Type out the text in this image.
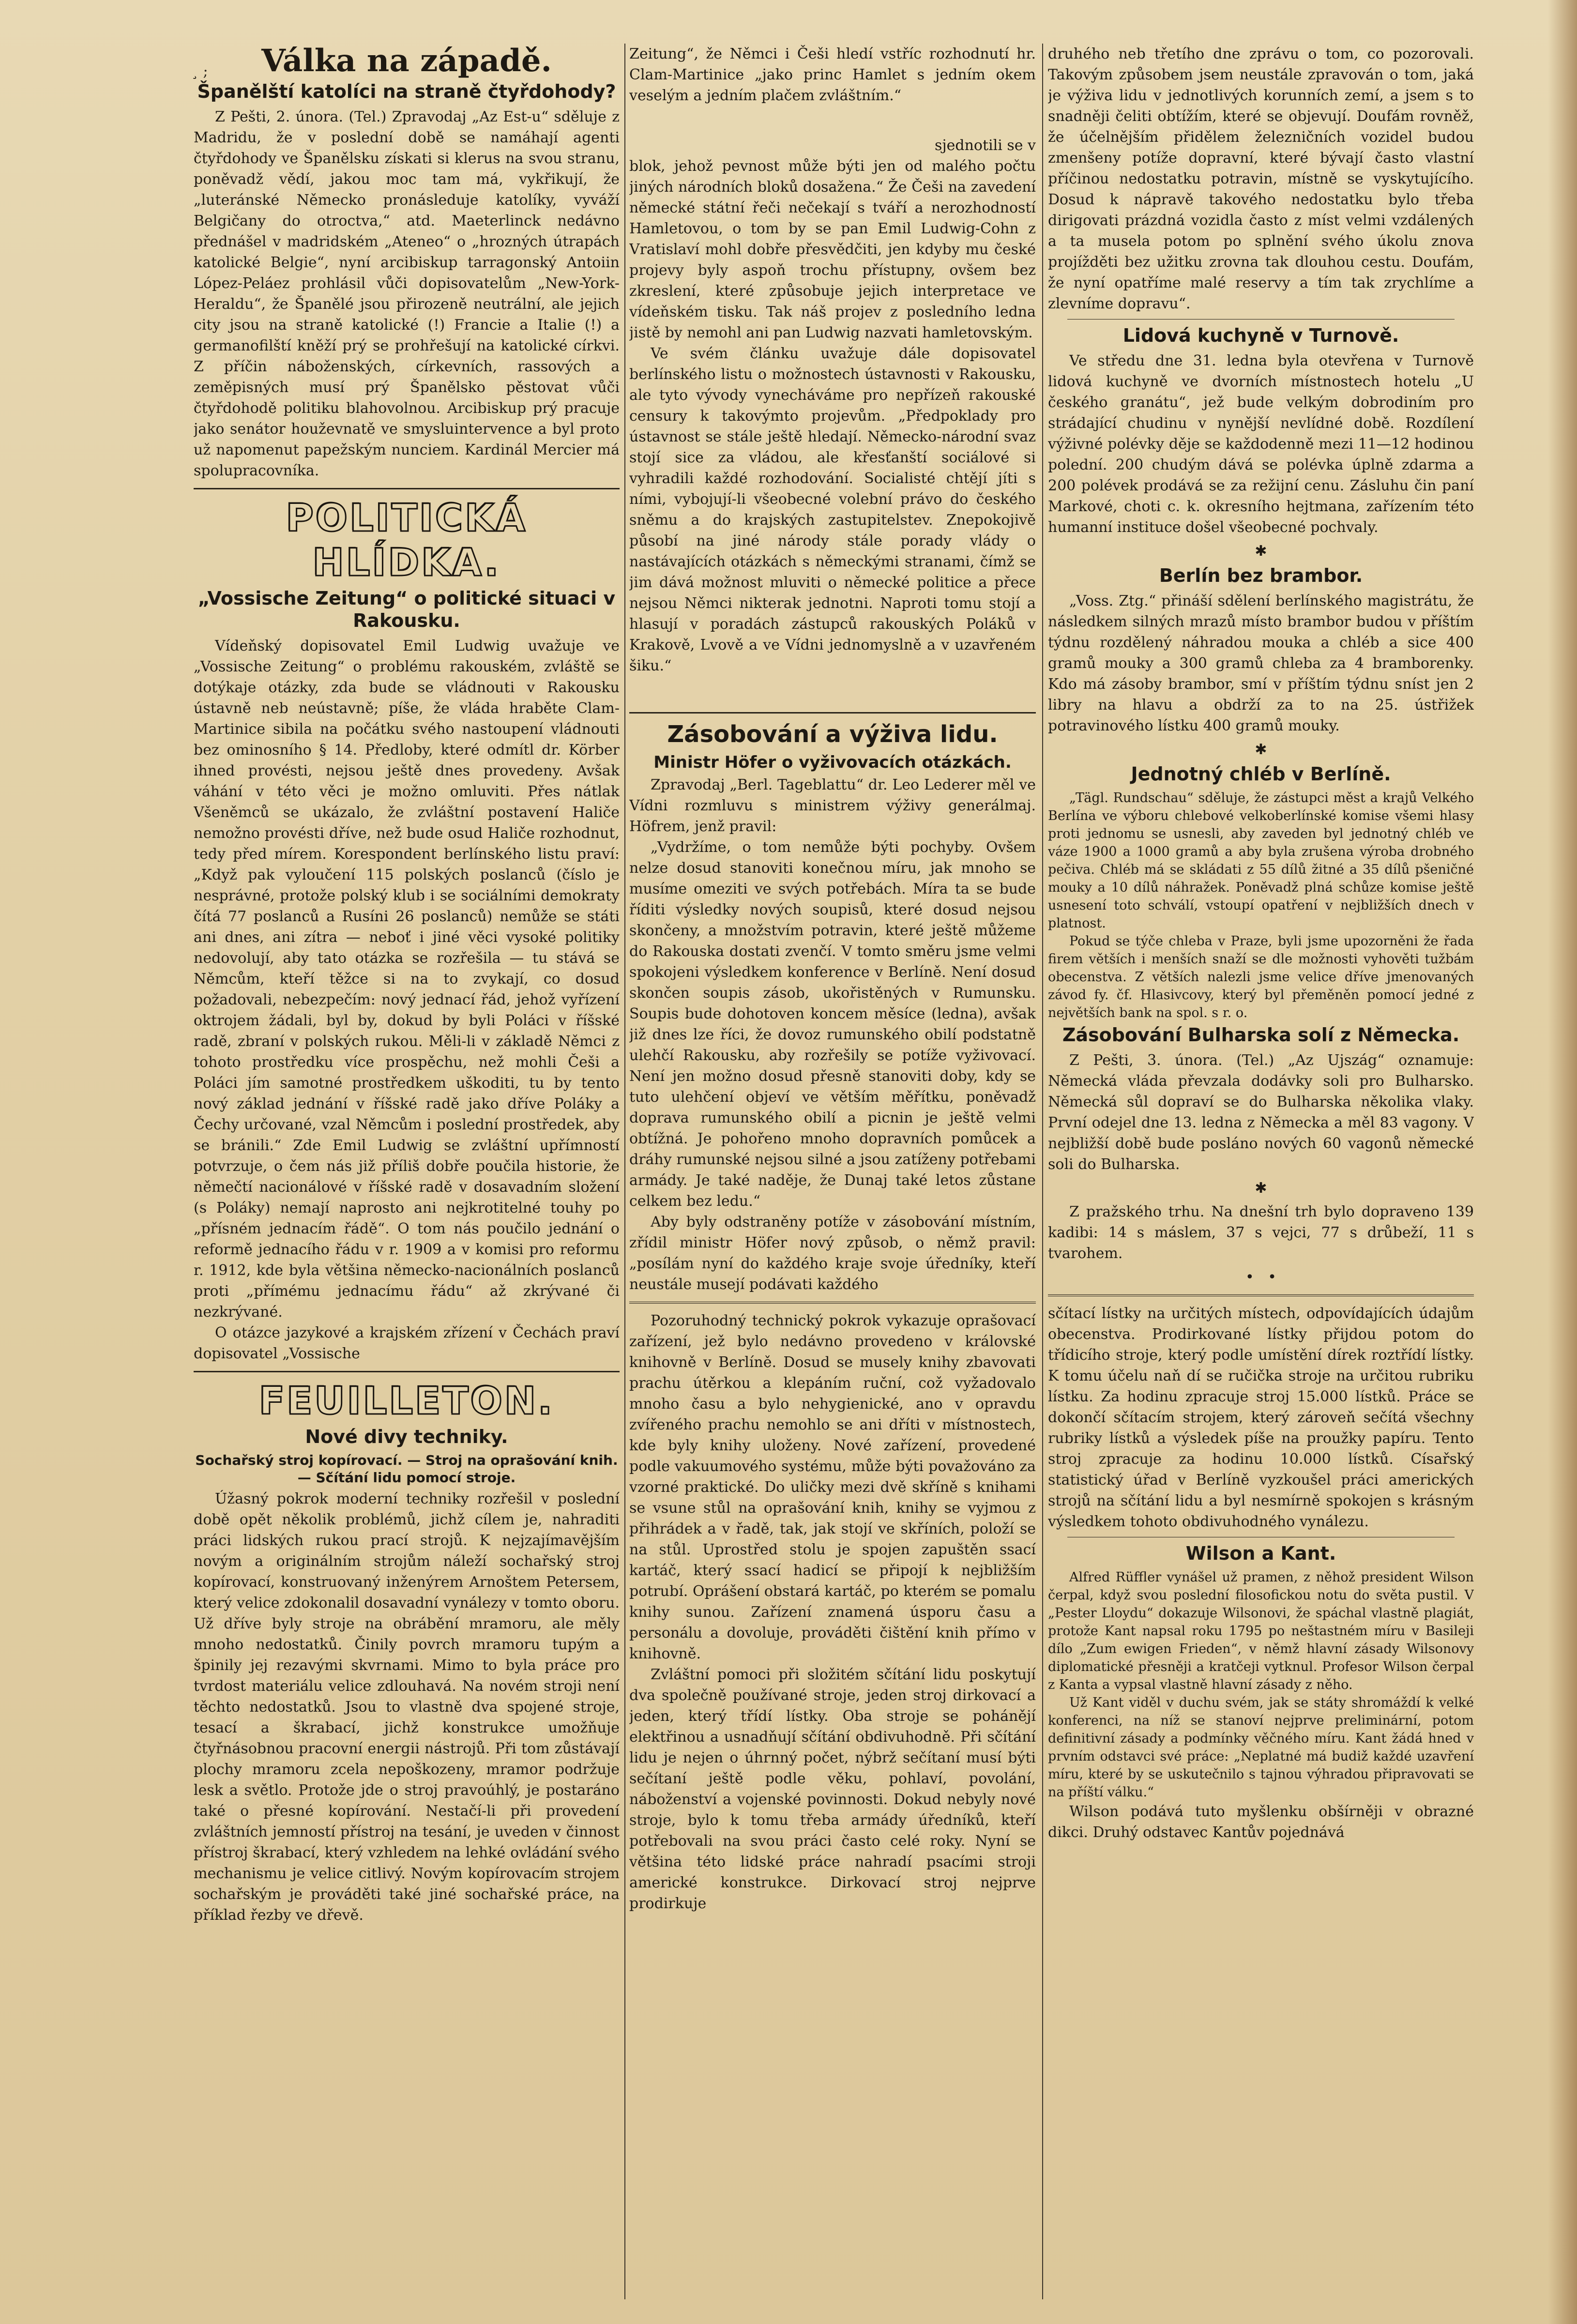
¸ ;	Válka na západě.
Španělští katolíci na straně čtyřdohody?

Z Pešti, 2. února. (Tel.) Zpravodaj „Az Est-u“ sděluje z Madridu, že v poslední době se namáhají agenti čtyřdohody ve Španělsku získati si klerus na svou stranu, poněvadž vědí, jakou moc tam má, vykřikují, že „luteránské Německo pronásleduje katolíky, vyváží Belgičany do otroctva,“ atd. Maeterlinck nedávno přednášel v madridském „Ateneo“ o „hrozných útrapách katolické Belgie“, nyní arcibiskup tarragonský Antoiin López-Peláez prohlásil vůči dopisovatelům „New-York-Heraldu“, že Španělé jsou přirozeně neutrální, ale jejich city jsou na straně katolické (!) Francie a Italie (!) a germanofilští kněží prý se prohřešují na katolické církvi. Z příčin náboženských, církevních, rassových a zeměpisných musí prý Španělsko pěstovat vůči čtyřdohodě politiku blahovolnou. Arcibiskup prý pracuje jako senátor houževnatě ve smysluintervence a byl proto už napomenut papežským nunciem. Kardinál Mercier má spolupracovníka.

POLITICKÁ HLÍDKA.
„Vossische Zeitung“ o politické situaci v Rakousku.

Vídeňský dopisovatel Emil Ludwig uvažuje ve „Vossische Zeitung“ o problému rakouském, zvláště se dotýkaje otázky, zda bude se vládnouti v Rakousku ústavně neb neústavně; píše, že vláda hraběte Clam-Martinice sibila na počátku svého nastoupení vládnouti bez ominosního § 14. Předloby, které odmítl dr. Körber ihned provésti, nejsou ještě dnes provedeny. Avšak váhání v této věci je možno omluviti. Přes nátlak Všeněmců se ukázalo, že zvláštní postavení Haliče nemožno provésti dříve, než bude osud Haliče rozhodnut, tedy před mírem. Korespondent berlínského listu praví: „Když pak vyloučení 115 polských poslanců (číslo je nesprávné, protože polský klub i se sociálními demokraty čítá 77 poslanců a Rusíni 26 poslanců) nemůže se státi ani dnes, ani zítra — neboť i jiné věci vysoké politiky nedovolují, aby tato otázka se rozřešila — tu stává se Němcům, kteří těžce si na to zvykají, co dosud požadovali, nebezpečím: nový jednací řád, jehož vyřízení oktrojem žádali, byl by, dokud by byli Poláci v říšské radě, zbraní v polských rukou. Měli-li v základě Němci z tohoto prostředku více prospěchu, než mohli Češi a Poláci jím samotné prostředkem uškoditi, tu by tento nový základ jednání v říšské radě jako dříve Poláky a Čechy určované, vzal Němcům i poslední prostředek, aby se bránili.“ Zde Emil Ludwig se zvláštní upřímností potvrzuje, o čem nás již příliš dobře poučila historie, že němečtí nacionálové v říšské radě v dosavadním složení (s Poláky) nemají naprosto ani nejkrotitelné touhy po „přísném jednacím řádě“. O tom nás poučilo jednání o reformě jednacího řádu v r. 1909 a v komisi pro reformu r. 1912, kde byla většina německo-nacionálních poslanců proti „přímému jednacímu řádu“ až zkrývané či nezkrývané.

O otázce jazykové a krajském zřízení v Čechách praví dopisovatel „Vossische

FEUILLETON.
Nové divy techniky.
Sochařský stroj kopírovací. — Stroj na oprašování knih. — Sčítání lidu pomocí stroje.

Úžasný pokrok moderní techniky rozřešil v poslední době opět několik problémů, jichž cílem je, nahraditi práci lidských rukou prací strojů. K nejzajímavějším novým a originálním strojům náleží sochařský stroj kopírovací, konstruovaný inženýrem Arnoštem Petersem, který velice zdokonalil dosavadní vynálezy v tomto oboru. Už dříve byly stroje na obrábění mramoru, ale měly mnoho nedostatků. Činily povrch mramoru tupým a špinily jej rezavými skvrnami. Mimo to byla práce pro tvrdost materiálu velice zdlouhavá. Na novém stroji není těchto nedostatků. Jsou to vlastně dva spojené stroje, tesací a škrabací, jichž konstrukce umožňuje čtyřnásobnou pracovní energii nástrojů. Při tom zůstávají plochy mramoru zcela nepoškozeny, mramor podržuje lesk a světlo. Protože jde o stroj pravoúhlý, je postaráno také o přesné kopírování. Nestačí-li při provedení zvláštních jemností přístroj na tesání, je uveden v činnost přístroj škrabací, který vzhledem na lehké ovládání svého mechanismu je velice citlivý. Novým kopírovacím strojem sochařským je prováděti také jiné sochařské práce, na příklad řezby ve dřevě.

Zeitung“, že Němci i Češi hledí vstříc rozhodnutí hr. Clam-Martinice „jako princ Hamlet s jedním okem veselým a jedním plačem zvláštním.“

sjednotili se v

blok, jehož pevnost může býti jen od malého počtu jiných národních bloků dosažena.“ Že Češi na zavedení německé státní řeči nečekají s tváří a nerozhodností Hamletovou, o tom by se pan Emil Ludwig-Cohn z Vratislaví mohl dobře přesvědčiti, jen kdyby mu české projevy byly aspoň trochu přístupny, ovšem bez zkreslení, které způsobuje jejich interpretace ve vídeňském tisku. Tak náš projev z posledního ledna jistě by nemohl ani pan Ludwig nazvati hamletovským.

Ve svém článku uvažuje dále dopisovatel berlínského listu o možnostech ústavnosti v Rakousku, ale tyto vývody vynecháváme pro nepřízeň rakouské censury k takovýmto projevům. „Předpoklady pro ústavnost se stále ještě hledají. Německo-národní svaz stojí sice za vládou, ale křesťanští sociálové si vyhradili každé rozhodování. Socialisté chtějí jíti s ními, vybojují-li všeobecné volební právo do českého sněmu a do krajských zastupitelstev. Znepokojivě působí na jiné národy stále porady vlády o nastávajících otázkách s německými stranami, čímž se jim dává možnost mluviti o německé politice a přece nejsou Němci nikterak jednotni. Naproti tomu stojí a hlasují v poradách zástupců rakouských Poláků v Krakově, Lvově a ve Vídni jednomyslně a v uzavřeném šiku.“

Zásobování a výživa lidu.
Ministr Höfer o vyživovacích otázkách.

Zpravodaj „Berl. Tageblattu“ dr. Leo Lederer měl ve Vídni rozmluvu s ministrem výživy generálmaj. Höfrem, jenž pravil:

„Vydržíme, o tom nemůže býti pochyby. Ovšem nelze dosud stanoviti konečnou míru, jak mnoho se musíme omeziti ve svých potřebách. Míra ta se bude říditi výsledky nových soupisů, které dosud nejsou skončeny, a množstvím potravin, které ještě můžeme do Rakouska dostati zvenčí. V tomto směru jsme velmi spokojeni výsledkem konference v Berlíně. Není dosud skončen soupis zásob, ukořistěných v Rumunsku. Soupis bude dohotoven koncem měsíce (ledna), avšak již dnes lze říci, že dovoz rumunského obilí podstatně ulehčí Rakousku, aby rozřešily se potíže vyživovací. Není jen možno dosud přesně stanoviti doby, kdy se tuto ulehčení objeví ve větším měřítku, poněvadž doprava rumunského obilí a picnin je ještě velmi obtížná. Je pohořeno mnoho dopravních pomůcek a dráhy rumunské nejsou silné a jsou zatíženy potřebami armády. Je také naděje, že Dunaj také letos zůstane celkem bez ledu.“

Aby byly odstraněny potíže v zásobování místním, zřídil ministr Höfer nový způsob, o němž pravil: „posílám nyní do každého kraje svoje úředníky, kteří neustále musejí podávati každého

Pozoruhodný technický pokrok vykazuje oprašovací zařízení, jež bylo nedávno provedeno v královské knihovně v Berlíně. Dosud se musely knihy zbavovati prachu útěrkou a klepáním ruční, což vyžadovalo mnoho času a bylo nehygienické, ano v opravdu zvířeného prachu nemohlo se ani dříti v místnostech, kde byly knihy uloženy. Nové zařízení, provedené podle vakuumového systému, může býti považováno za vzorné praktické. Do uličky mezi dvě skříně s knihami se vsune stůl na oprašování knih, knihy se vyjmou z přihrádek a v řadě, tak, jak stojí ve skříních, položí se na stůl. Uprostřed stolu je spojen zapuštěn ssací kartáč, který ssací hadicí se připojí k nejbližším potrubí. Oprášení obstará kartáč, po kterém se pomalu knihy sunou. Zařízení znamená úsporu času a personálu a dovoluje, prováděti čištění knih přímo v knihovně.

Zvláštní pomoci při složitém sčítání lidu poskytují dva společně používané stroje, jeden stroj dirkovací a jeden, který třídí lístky. Oba stroje se pohánějí elektřinou a usnadňují sčítání obdivuhodně. Při sčítání lidu je nejen o úhrnný počet, nýbrž sečítaní musí býti sečítaní ještě podle věku, pohlaví, povolání, náboženství a vojenské povinnosti. Dokud nebyly nové stroje, bylo k tomu třeba armády úředníků, kteří potřebovali na svou práci často celé roky. Nyní se většina této lidské práce nahradí psacími stroji americké konstrukce. Dirkovací stroj nejprve prodirkuje

druhého neb třetího dne zprávu o tom, co pozorovali. Takovým způsobem jsem neustále zpravován o tom, jaká je výživa lidu v jednotlivých korunních zemí, a jsem s to snadněji čeliti obtížím, které se objevují. Doufám rovněž, že účelnějším přidělem železničních vozidel budou zmenšeny potíže dopravní, které bývají často vlastní příčinou nedostatku potravin, místně se vyskytujícího. Dosud k nápravě takového nedostatku bylo třeba dirigovati prázdná vozidla často z míst velmi vzdálených a ta musela potom po splnění svého úkolu znova projížděti bez užitku zrovna tak dlouhou cestu. Doufám, že nyní opatříme malé reservy a tím tak zrychlíme a zlevníme dopravu“.

Lidová kuchyně v Turnově.

Ve středu dne 31. ledna byla otevřena v Turnově lidová kuchyně ve dvorních místnostech hotelu „U českého granátu“, jež bude velkým dobrodiním pro strádající chudinu v nynější nevlídné době. Rozdílení výživné polévky děje se každodenně mezi 11—12 hodinou polední. 200 chudým dává se polévka úplně zdarma a 200 polévek prodává se za režijní cenu. Zásluhu čin paní Markové, choti c. k. okresního hejtmana, zařízením této humanní instituce došel všeobecné pochvaly.

✱
Berlín bez brambor.

„Voss. Ztg.“ přináší sdělení berlínského magistrátu, že následkem silných mrazů místo brambor budou v příštím týdnu rozdělený náhradou mouka a chléb a sice 400 gramů mouky a 300 gramů chleba za 4 bramborenky. Kdo má zásoby brambor, smí v příštím týdnu sníst jen 2 libry na hlavu a obdrží za to na 25. ústřižek potravinového lístku 400 gramů mouky.

✱
Jednotný chléb v Berlíně.

„Tägl. Rundschau“ sděluje, že zástupci měst a krajů Velkého Berlína ve výboru chlebové velkoberlínské komise všemi hlasy proti jednomu se usnesli, aby zaveden byl jednotný chléb ve váze 1900 a 1000 gramů a aby byla zrušena výroba drobného pečiva. Chléb má se skládati z 55 dílů žitné a 35 dílů pšeničné mouky a 10 dílů náhražek. Poněvadž plná schůze komise ještě usnesení toto schválí, vstoupí opatření v nejbližších dnech v platnost.

Pokud se týče chleba v Praze, byli jsme upozorněni že řada firem větších i menších snaží se dle možnosti vyhověti tužbám obecenstva. Z větších nalezli jsme velice dříve jmenovaných závod fy. čf. Hlasivcovy, který byl přeměněn pomocí jedné z největších bank na spol. s r. o.

Zásobování Bulharska solí z Německa.

Z Pešti, 3. února. (Tel.) „Az Ujszág“ oznamuje: Německá vláda převzala dodávky soli pro Bulharsko. Německá sůl dopraví se do Bulharska několika vlaky. První odejel dne 13. ledna z Německa a měl 83 vagony. V nejbližší době bude posláno nových 60 vagonů německé soli do Bulharska.

✱

Z pražského trhu. Na dnešní trh bylo dopraveno 139 kadibi: 14 s máslem, 37 s vejci, 77 s drůbeží, 11 s tvarohem.

•   •

sčítací lístky na určitých místech, odpovídajících údajům obecenstva. Prodirkované lístky přijdou potom do třídicího stroje, který podle umístění dírek roztřídí lístky. K tomu účelu naň dí se ručička stroje na určitou rubriku lístku. Za hodinu zpracuje stroj 15.000 lístků. Práce se dokončí sčítacím strojem, který zároveň sečítá všechny rubriky lístků a výsledek píše na proužky papíru. Tento stroj zpracuje za hodinu 10.000 lístků. Císařský statistický úřad v Berlíně vyzkoušel práci amerických strojů na sčítání lidu a byl nesmírně spokojen s krásným výsledkem tohoto obdivuhodného vynálezu.

Wilson a Kant.

Alfred Rüffler vynášel už pramen, z něhož president Wilson čerpal, když svou poslední filosofickou notu do světa pustil. V „Pester Lloydu“ dokazuje Wilsonovi, že spáchal vlastně plagiát, protože Kant napsal roku 1795 po neštastném míru v Basileji dílo „Zum ewigen Frieden“, v němž hlavní zásady Wilsonovy diplomatické přesněji a kratčeji vytknul. Profesor Wilson čerpal z Kanta a vypsal vlastně hlavní zásady z něho.

Už Kant viděl v duchu svém, jak se státy shromáždí k velké konferenci, na níž se stanoví nejprve preliminární, potom definitivní zásady a podmínky věčného míru. Kant žádá hned v prvním odstavci své práce: „Neplatné má budiž každé uzavření míru, které by se uskutečnilo s tajnou výhradou připravovati se na příští válku.“

Wilson podává tuto myšlenku obšírněji v obrazné dikci. Druhý odstavec Kantův pojednává
